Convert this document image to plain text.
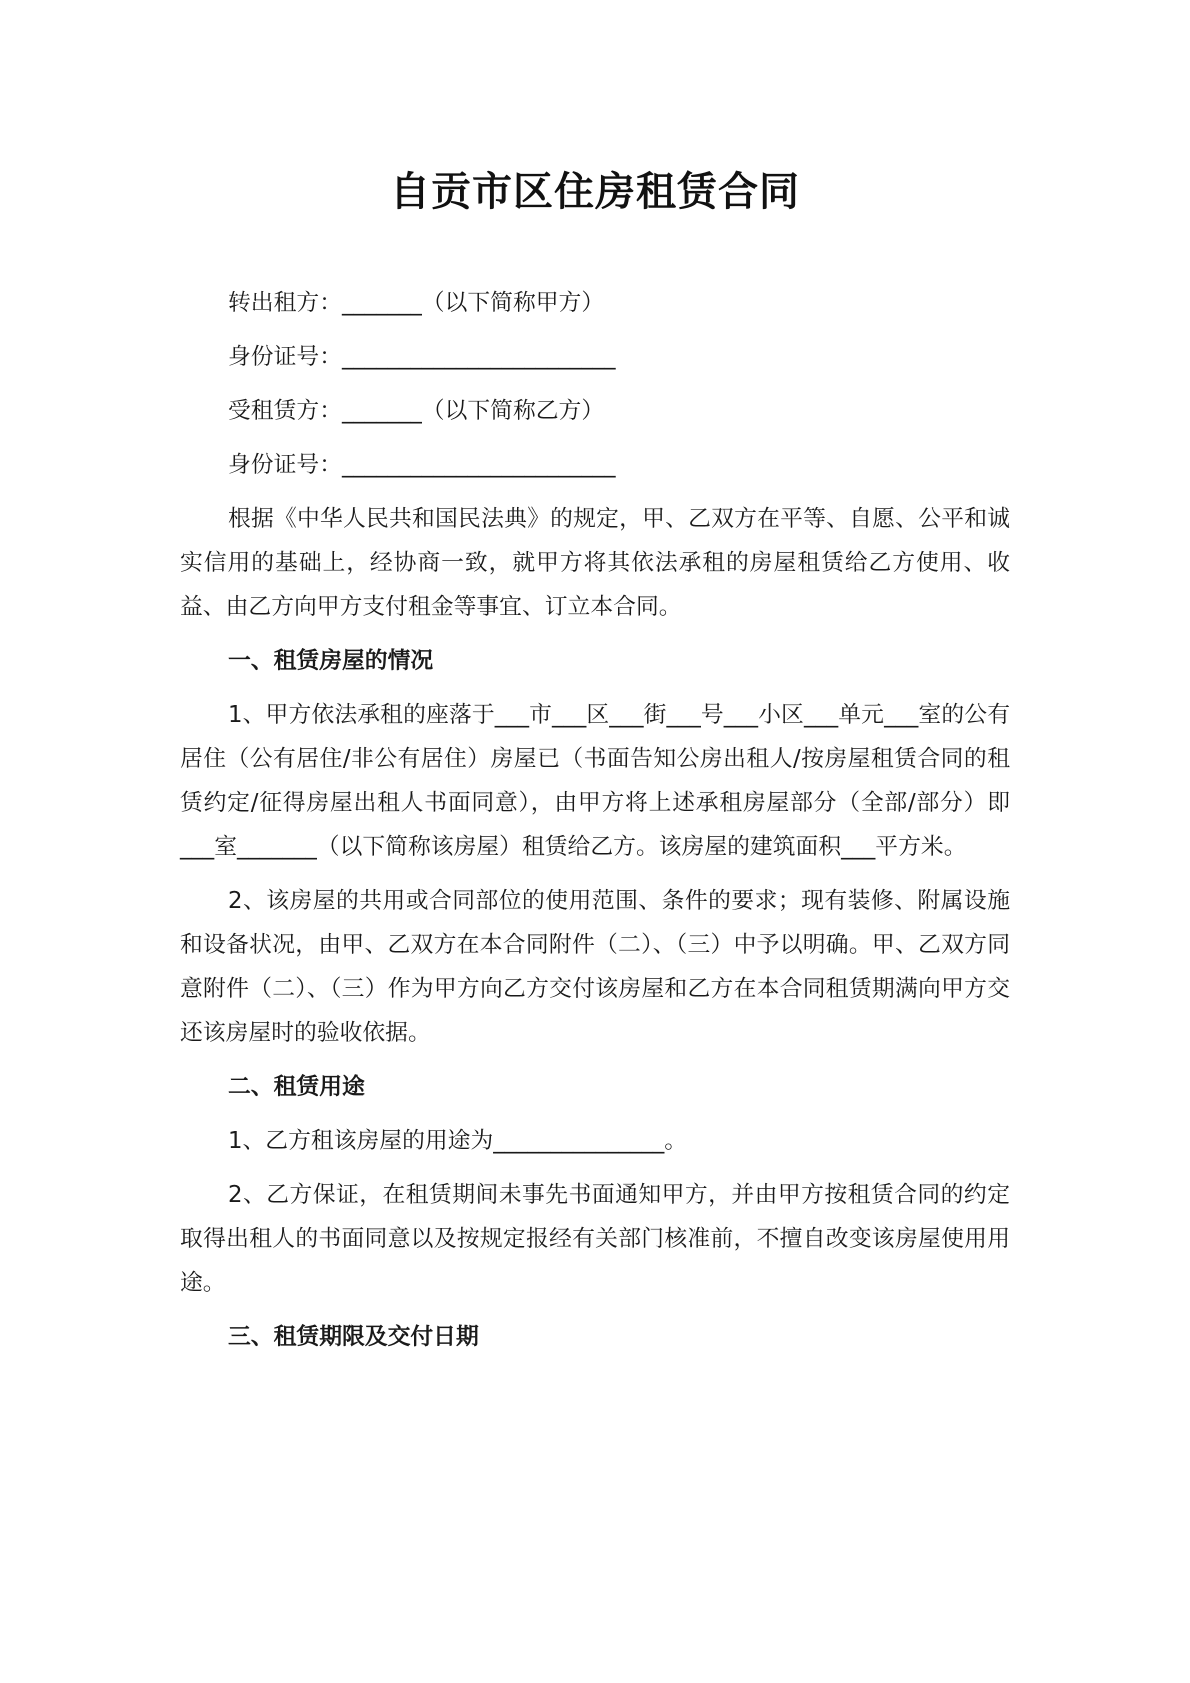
自贡市区住房租赁合同

转出租方：_______（以下简称甲方）

身份证号：________________________

受租赁方：_______（以下简称乙方）

身份证号：________________________

根据《中华人民共和国民法典》的规定，甲、乙双方在平等、自愿、公平和诚实信用的基础上，经协商一致，就甲方将其依法承租的房屋租赁给乙方使用、收益、由乙方向甲方支付租金等事宜、订立本合同。

一、租赁房屋的情况

1、甲方依法承租的座落于___市___区___街___号___小区___单元___室的公有居住（公有居住/非公有居住）房屋已（书面告知公房出租人/按房屋租赁合同的租赁约定/征得房屋出租人书面同意），由甲方将上述承租房屋部分（全部/部分）即___室_______（以下简称该房屋）租赁给乙方。该房屋的建筑面积___平方米。

2、该房屋的共用或合同部位的使用范围、条件的要求；现有装修、附属设施和设备状况，由甲、乙双方在本合同附件（二）、（三）中予以明确。甲、乙双方同意附件（二）、（三）作为甲方向乙方交付该房屋和乙方在本合同租赁期满向甲方交还该房屋时的验收依据。

二、租赁用途

1、乙方租该房屋的用途为_______________。

2、乙方保证，在租赁期间未事先书面通知甲方，并由甲方按租赁合同的约定取得出租人的书面同意以及按规定报经有关部门核准前，不擅自改变该房屋使用用途。

三、租赁期限及交付日期
